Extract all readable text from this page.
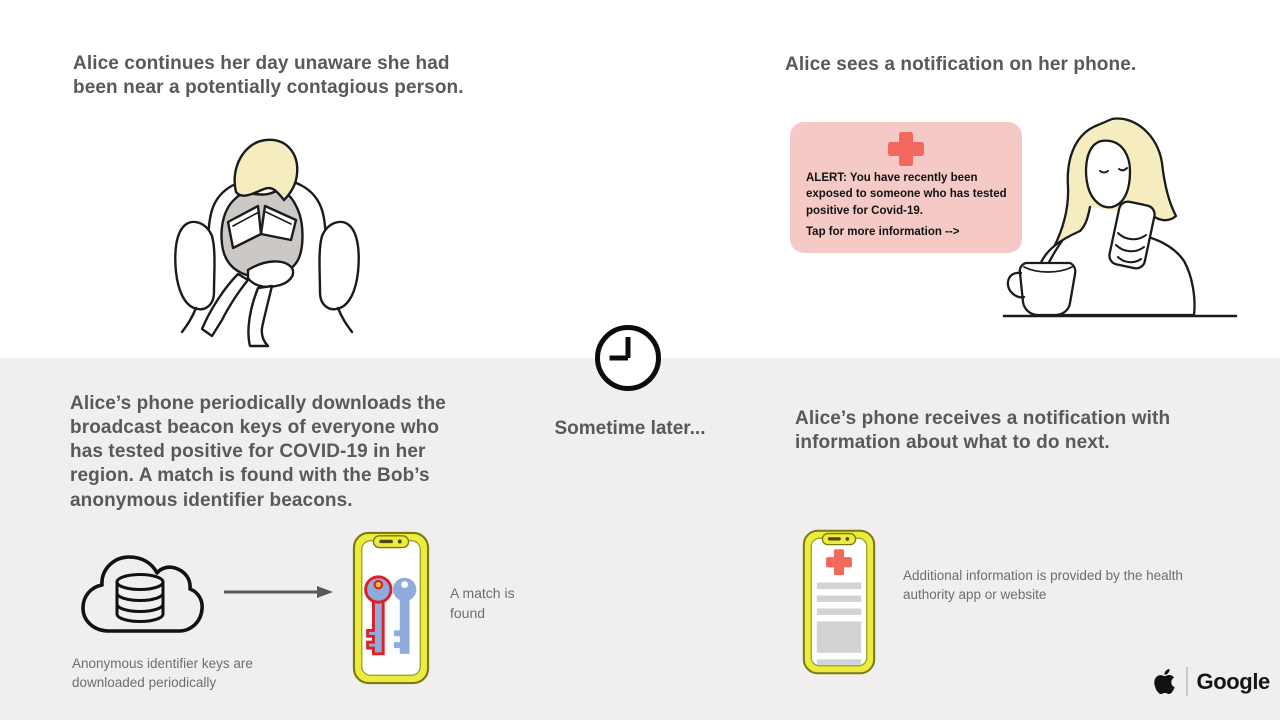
Alice continues her day unaware she had been near a potentially contagious person.
Alice sees a notification on her phone.
ALERT: You have recently been exposed to someone who has tested positive for Covid-19.
Tap for more information -->
Sometime later...
Alice’s phone periodically downloads the broadcast beacon keys of everyone who has tested positive for COVID-19 in her region. A match is found with the Bob’s anonymous identifier beacons.
A match is found
Anonymous identifier keys are downloaded periodically
Alice’s phone receives a notification with information about what to do next.
Additional information is provided by the health authority app or website
Google
